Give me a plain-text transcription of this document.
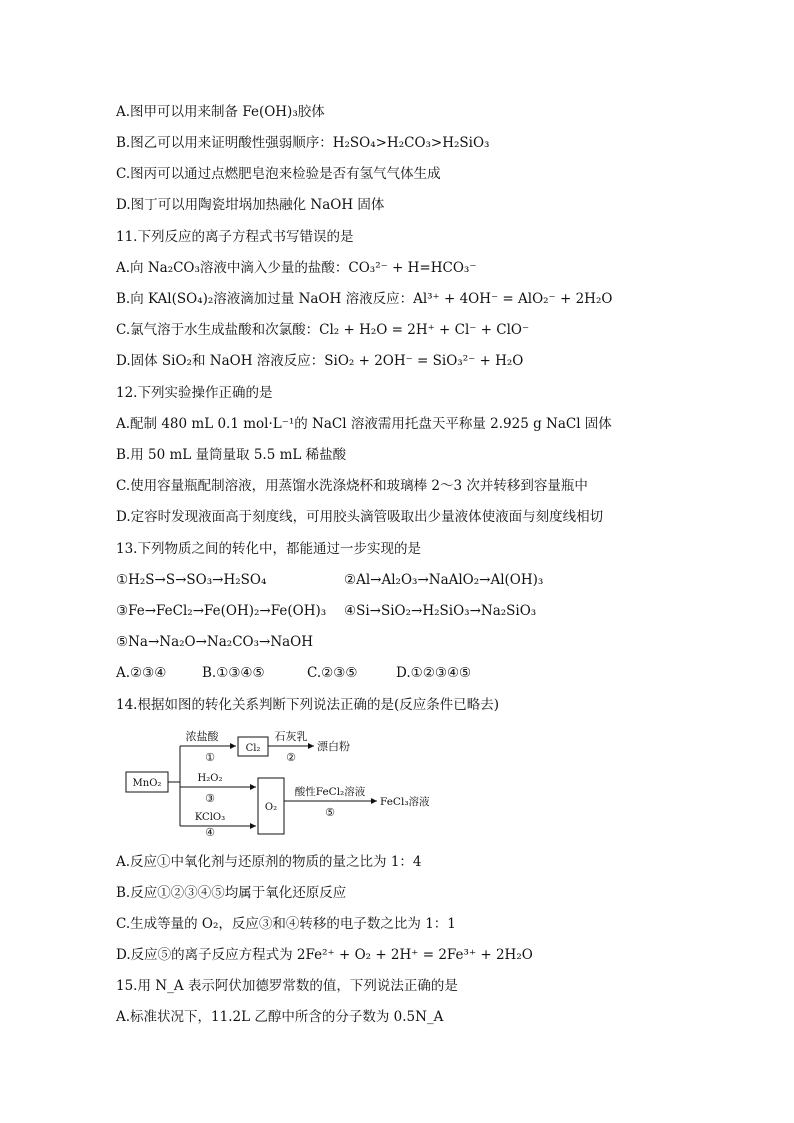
A.图甲可以用来制备 Fe(OH)₃胶体
B.图乙可以用来证明酸性强弱顺序：H₂SO₄>H₂CO₃>H₂SiO₃
C.图丙可以通过点燃肥皂泡来检验是否有氢气气体生成
D.图丁可以用陶瓷坩埚加热融化 NaOH 固体
11.下列反应的离子方程式书写错误的是
A.向 Na₂CO₃溶液中滴入少量的盐酸：CO₃²⁻ + H=HCO₃⁻
B.向 KAl(SO₄)₂溶液滴加过量 NaOH 溶液反应：Al³⁺ + 4OH⁻ = AlO₂⁻ + 2H₂O
C.氯气溶于水生成盐酸和次氯酸：Cl₂ + H₂O = 2H⁺ + Cl⁻ + ClO⁻
D.固体 SiO₂和 NaOH 溶液反应：SiO₂ + 2OH⁻ = SiO₃²⁻ + H₂O
12.下列实验操作正确的是
A.配制 480 mL 0.1 mol·L⁻¹的 NaCl 溶液需用托盘天平称量 2.925 g NaCl 固体
B.用 50 mL 量筒量取 5.5 mL 稀盐酸
C.使用容量瓶配制溶液，用蒸馏水洗涤烧杯和玻璃棒 2～3 次并转移到容量瓶中
D.定容时发现液面高于刻度线，可用胶头滴管吸取出少量液体使液面与刻度线相切
13.下列物质之间的转化中，都能通过一步实现的是
①H₂S→S→SO₃→H₂SO₄	②Al→Al₂O₃→NaAlO₂→Al(OH)₃
③Fe→FeCl₂→Fe(OH)₂→Fe(OH)₃ ④Si→SiO₂→H₂SiO₃→Na₂SiO₃
⑤Na→Na₂O→Na₂CO₃→NaOH
A.②③④	B.①③④⑤	C.②③⑤	D.①②③④⑤
14.根据如图的转化关系判断下列说法正确的是(反应条件已略去)
MnO₂
浓盐酸
①
Cl₂
石灰乳
②
漂白粉
H₂O₂
③
KClO₃
④
O₂
酸性FeCl₂溶液
⑤
FeCl₃溶液
A.反应①中氧化剂与还原剂的物质的量之比为 1：4
B.反应①②③④⑤均属于氧化还原反应
C.生成等量的 O₂，反应③和④转移的电子数之比为 1：1
D.反应⑤的离子反应方程式为 2Fe²⁺ + O₂ + 2H⁺ = 2Fe³⁺ + 2H₂O
15.用 N_A 表示阿伏加德罗常数的值，下列说法正确的是
A.标准状况下，11.2L 乙醇中所含的分子数为 0.5N_A
